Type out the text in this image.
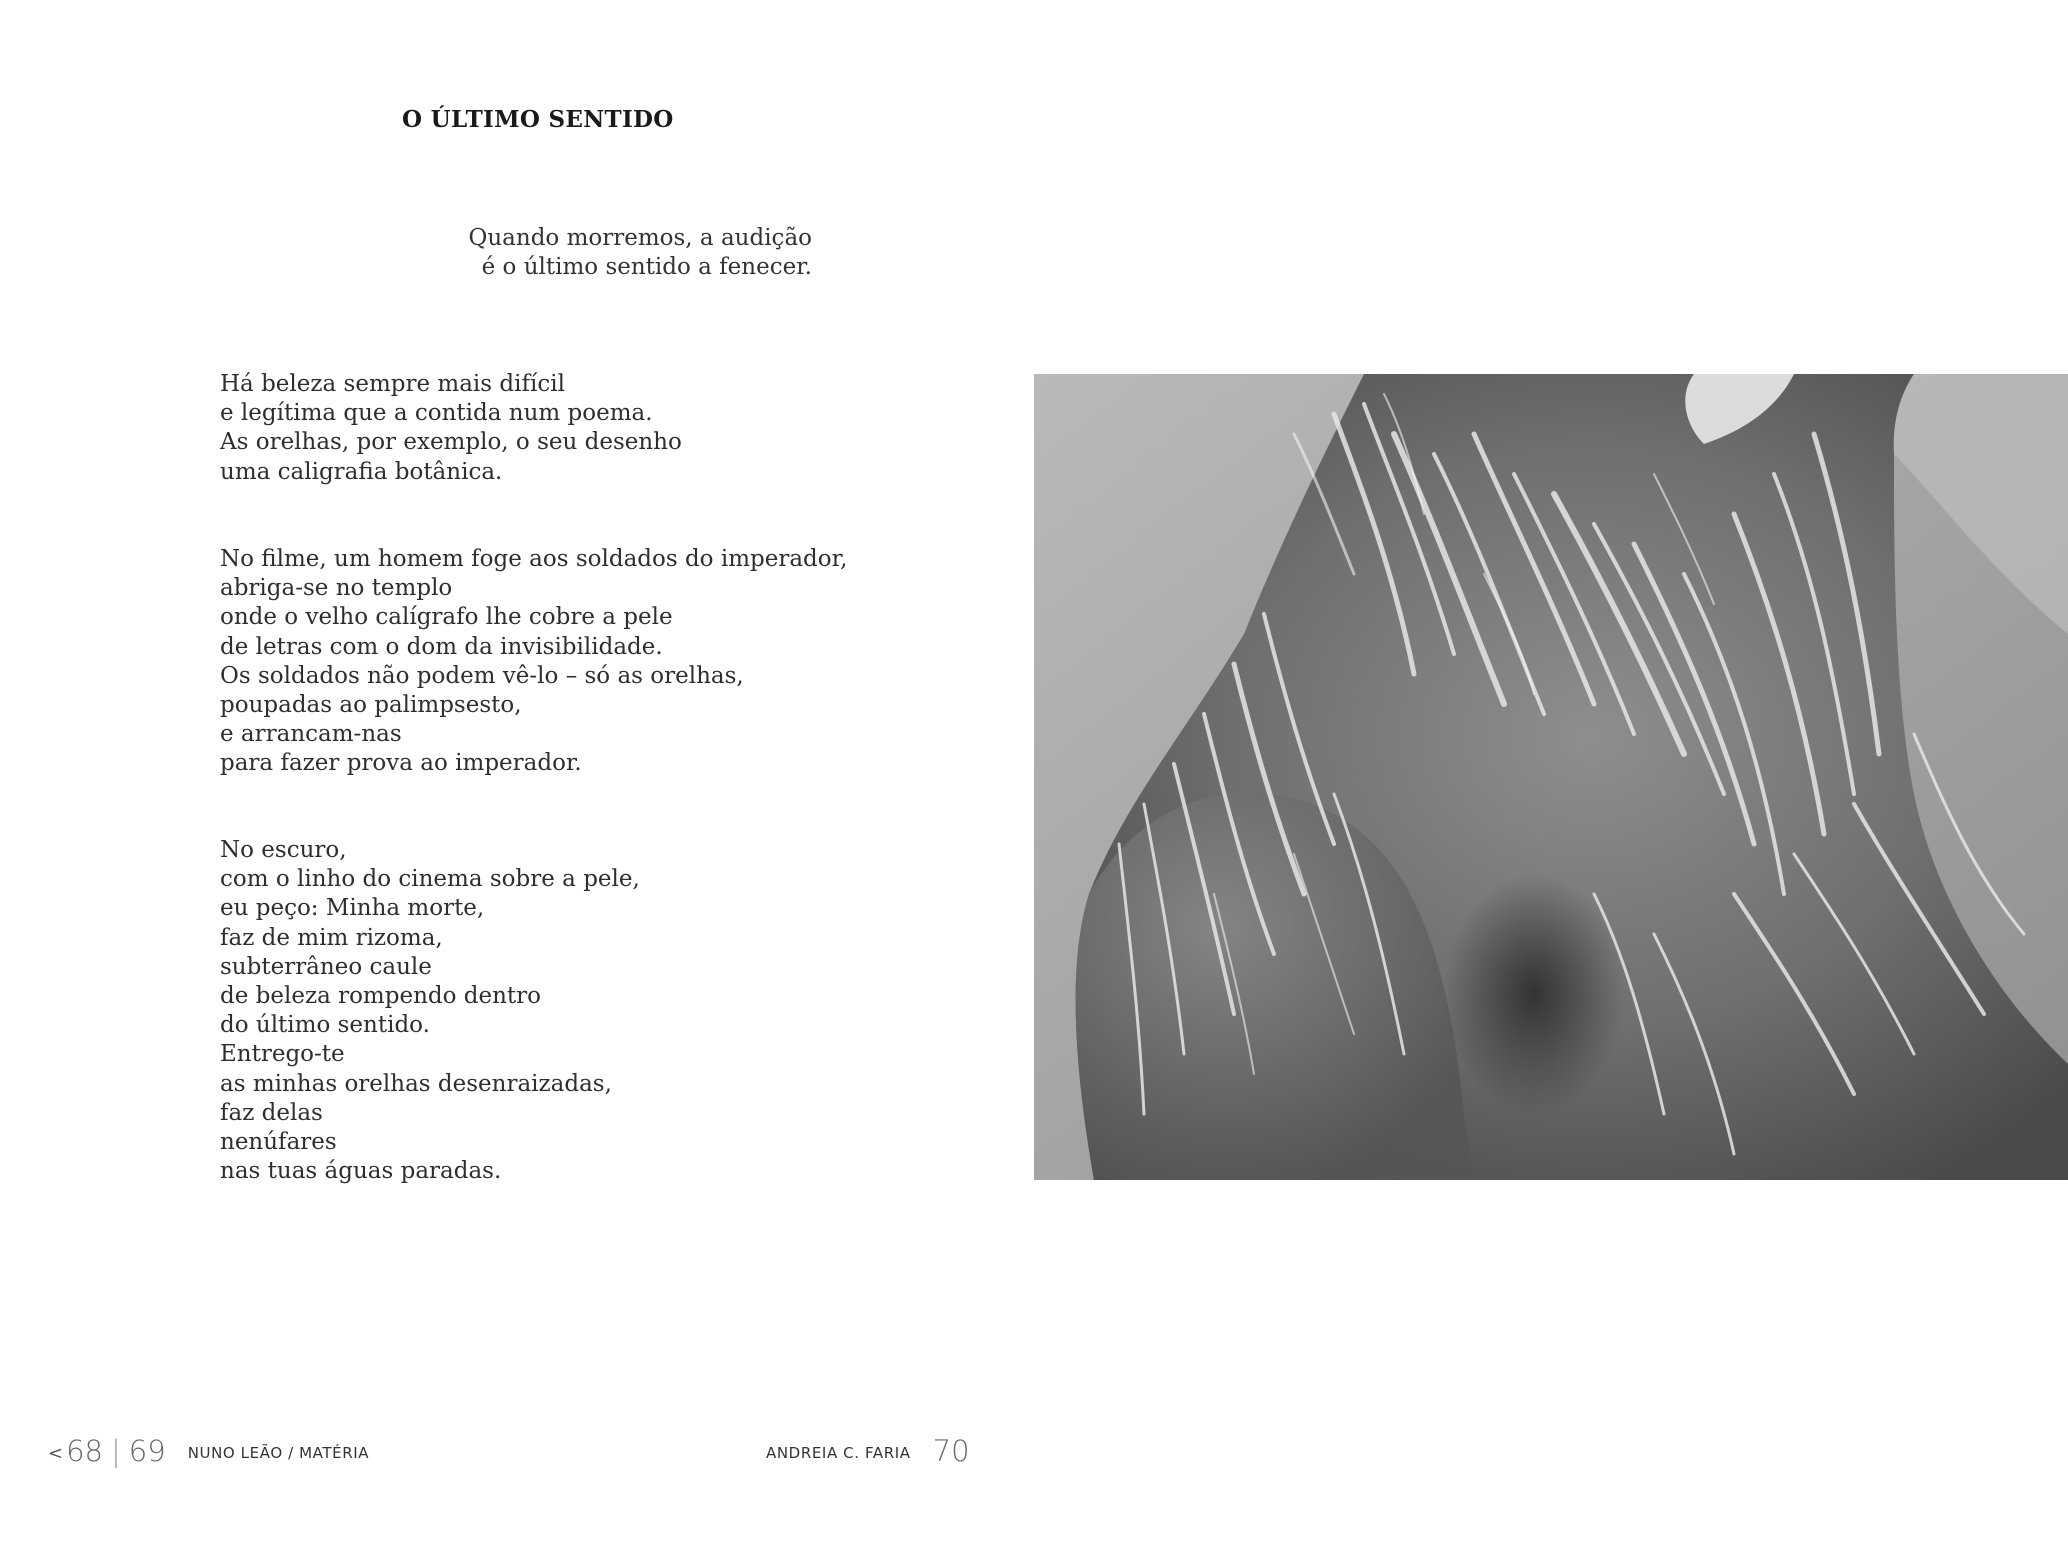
O ÚLTIMO SENTIDO
Quando morremos, a audição
é o último sentido a fenecer.
Há beleza sempre mais difícil
e legítima que a contida num poema.
As orelhas, por exemplo, o seu desenho
uma caligrafia botânica.
No filme, um homem foge aos soldados do imperador,
abriga-se no templo
onde o velho calígrafo lhe cobre a pele
de letras com o dom da invisibilidade.
Os soldados não podem vê-lo – só as orelhas,
poupadas ao palimpsesto,
e arrancam-nas
para fazer prova ao imperador.
No escuro,
com o linho do cinema sobre a pele,
eu peço: Minha morte,
faz de mim rizoma,
subterrâneo caule
de beleza rompendo dentro
do último sentido.
Entrego-te
as minhas orelhas desenraizadas,
faz delas
nenúfares
nas tuas águas paradas.
< 68 | 69 NUNO LEÃO / MATÉRIA	ANDREIA C. FARIA 70
